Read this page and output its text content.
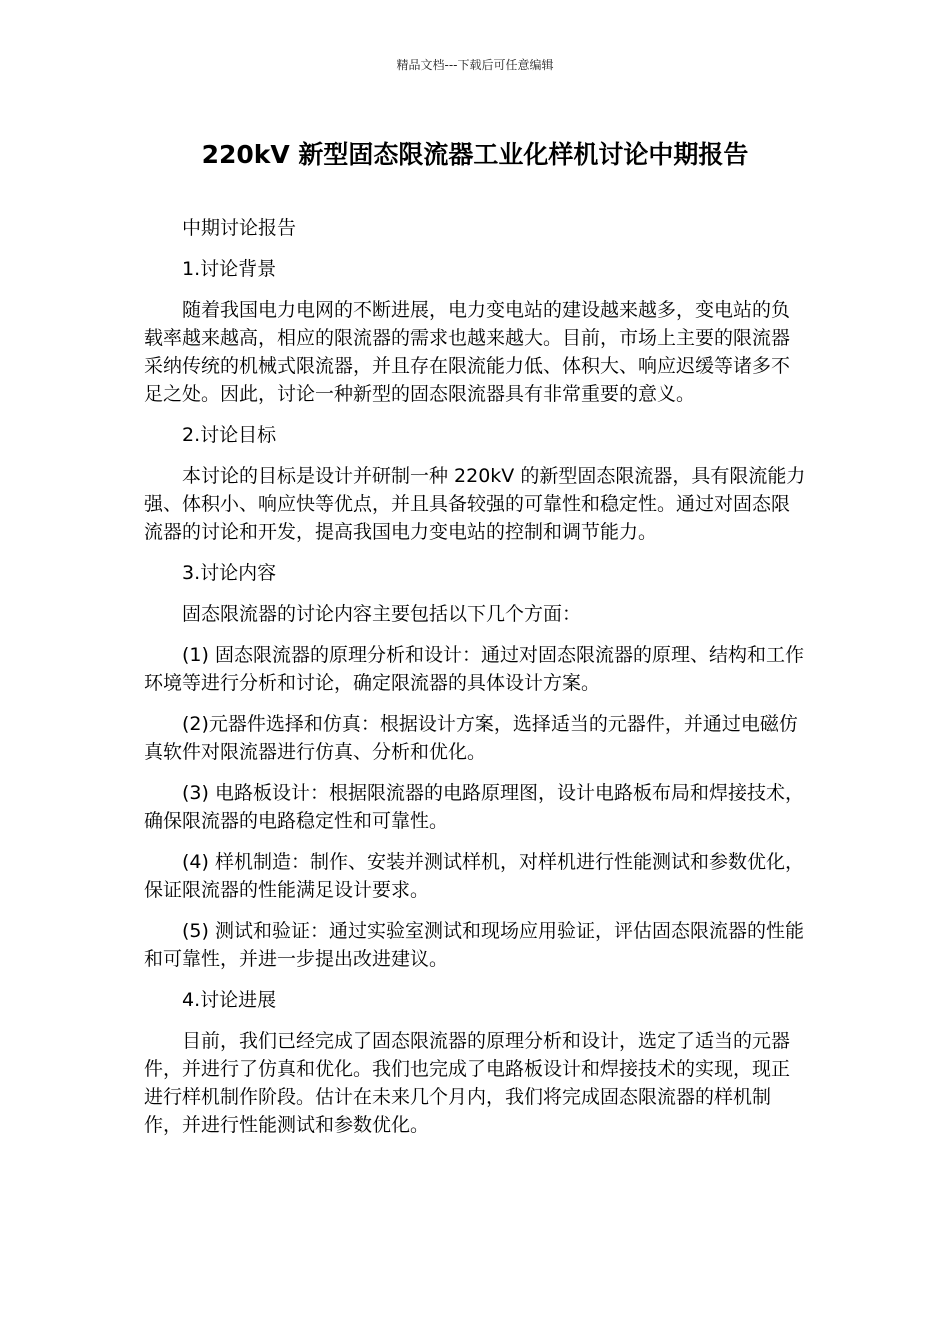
精品文档---下载后可任意编辑
220kV 新型固态限流器工业化样机讨论中期报告

中期讨论报告

1.讨论背景

随着我国电力电网的不断进展，电力变电站的建设越来越多，变电站的负载率越来越高，相应的限流器的需求也越来越大。目前，市场上主要的限流器采纳传统的机械式限流器，并且存在限流能力低、体积大、响应迟缓等诸多不足之处。因此，讨论一种新型的固态限流器具有非常重要的意义。

2.讨论目标

本讨论的目标是设计并研制一种 220kV 的新型固态限流器，具有限流能力强、体积小、响应快等优点，并且具备较强的可靠性和稳定性。通过对固态限流器的讨论和开发，提高我国电力变电站的控制和调节能力。

3.讨论内容

固态限流器的讨论内容主要包括以下几个方面：

(1) 固态限流器的原理分析和设计：通过对固态限流器的原理、结构和工作环境等进行分析和讨论，确定限流器的具体设计方案。

(2)元器件选择和仿真：根据设计方案，选择适当的元器件，并通过电磁仿真软件对限流器进行仿真、分析和优化。

(3) 电路板设计：根据限流器的电路原理图，设计电路板布局和焊接技术，确保限流器的电路稳定性和可靠性。

(4) 样机制造：制作、安装并测试样机，对样机进行性能测试和参数优化，保证限流器的性能满足设计要求。

(5) 测试和验证：通过实验室测试和现场应用验证，评估固态限流器的性能和可靠性，并进一步提出改进建议。

4.讨论进展

目前，我们已经完成了固态限流器的原理分析和设计，选定了适当的元器件，并进行了仿真和优化。我们也完成了电路板设计和焊接技术的实现，现正进行样机制作阶段。估计在未来几个月内，我们将完成固态限流器的样机制作，并进行性能测试和参数优化。
